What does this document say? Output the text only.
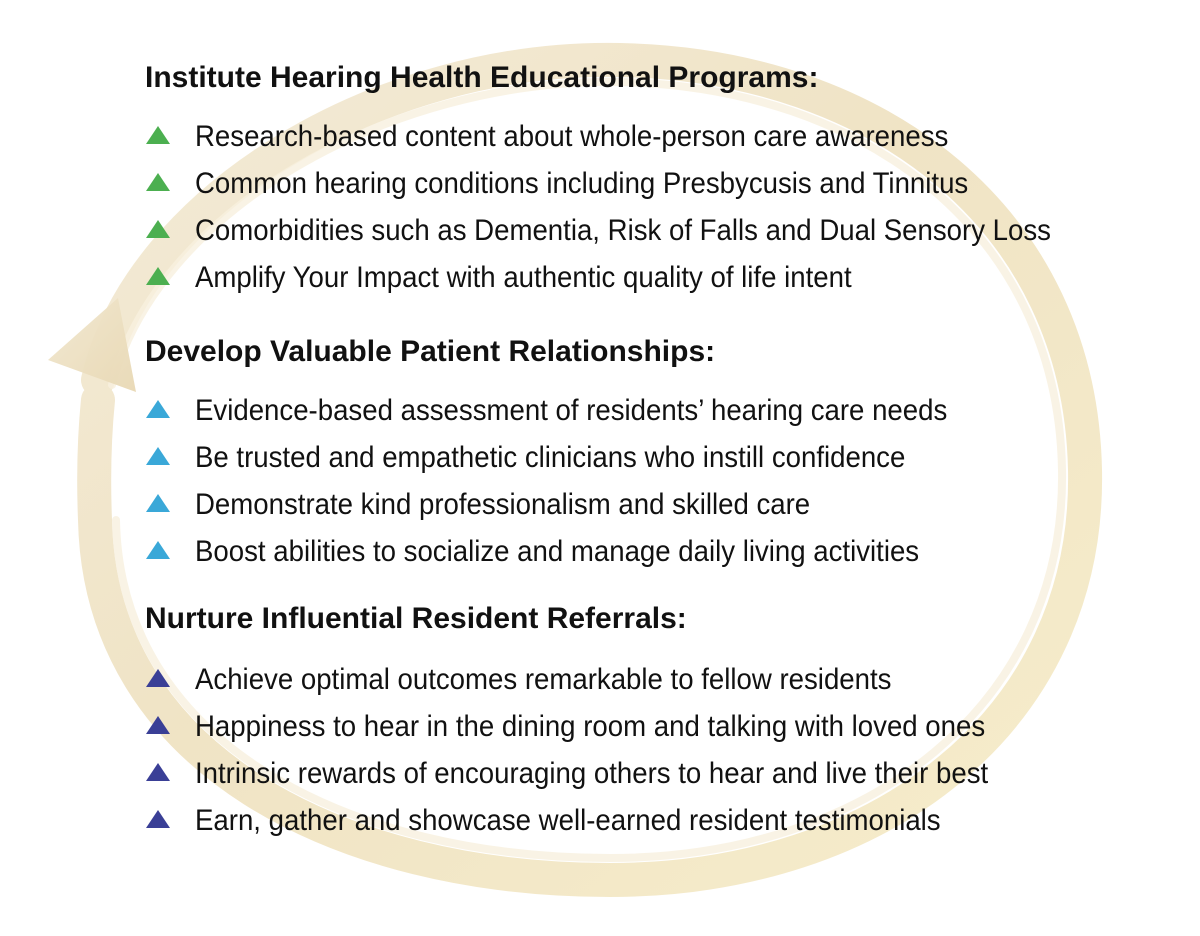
Institute Hearing Health Educational Programs:
Research-based content about whole-person care awareness
Common hearing conditions including Presbycusis and Tinnitus
Comorbidities such as Dementia, Risk of Falls and Dual Sensory Loss
Amplify Your Impact with authentic quality of life intent
Develop Valuable Patient Relationships:
Evidence-based assessment of residents’ hearing care needs
Be trusted and empathetic clinicians who instill confidence
Demonstrate kind professionalism and skilled care
Boost abilities to socialize and manage daily living activities
Nurture Influential Resident Referrals:
Achieve optimal outcomes remarkable to fellow residents
Happiness to hear in the dining room and talking with loved ones
Intrinsic rewards of encouraging others to hear and live their best
Earn, gather and showcase well-earned resident testimonials
